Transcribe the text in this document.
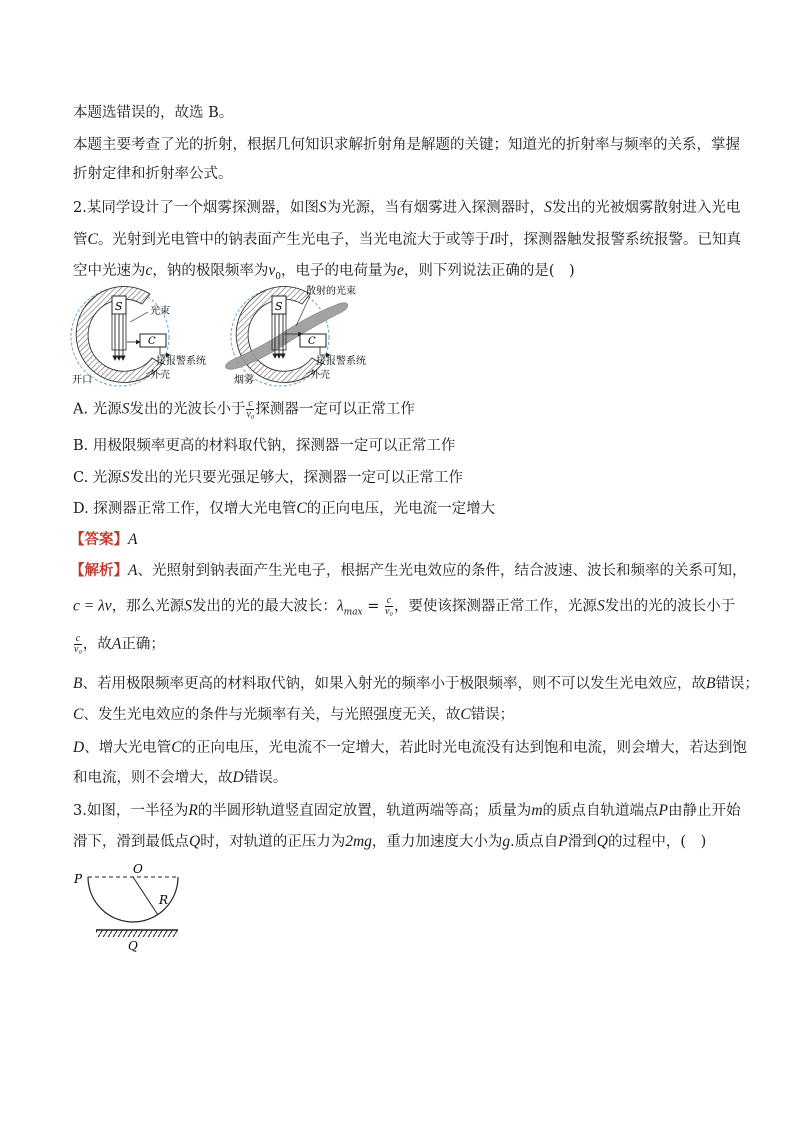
本题选错误的，故选 B。
本题主要考查了光的折射，根据几何知识求解折射角是解题的关键；知道光的折射率与频率的关系，掌握
折射定律和折射率公式。
2.某同学设计了一个烟雾探测器，如图S为光源，当有烟雾进入探测器时，S发出的光被烟雾散射进入光电
管C。光射到光电管中的钠表面产生光电子，当光电流大于或等于I时，探测器触发报警系统报警。已知真
空中光速为c，钠的极限频率为$\nu_0$，电子的电荷量为e，则下列说法正确的是(　)
S
C
光束
接报警系统
外壳
开口
S
C
散射的光束
接报警系统
外壳
烟雾
A. 光源S发出的光波长小于 $\frac{c}{\text{ν₀}}$ 探测器一定可以正常工作
B. 用极限频率更高的材料取代钠，探测器一定可以正常工作
C. 光源S发出的光只要光强足够大，探测器一定可以正常工作
D. 探测器正常工作，仅增大光电管C的正向电压，光电流一定增大
【答案】A
【解析】A、光照射到钠表面产生光电子，根据产生光电效应的条件，结合波速、波长和频率的关系可知，
c = λν，那么光源S发出的光的最大波长：$\lambda_{max} = \frac{c}{\text{ν₀}}$ ，要使该探测器正常工作，光源S发出的光的波长小于
$\frac{c}{\text{ν₀}}$ ，故A正确；
B、若用极限频率更高的材料取代钠，如果入射光的频率小于极限频率，则不可以发生光电效应，故B错误；
C、发生光电效应的条件与光频率有关，与光照强度无关，故C错误；
D、增大光电管C的正向电压，光电流不一定增大，若此时光电流没有达到饱和电流，则会增大，若达到饱
和电流，则不会增大，故D错误。
3.如图，一半径为R的半圆形轨道竖直固定放置，轨道两端等高；质量为m的质点自轨道端点P由静止开始
滑下，滑到最低点Q时，对轨道的正压力为2mg，重力加速度大小为g.质点自P滑到Q的过程中，(　)
P
O
R
Q
